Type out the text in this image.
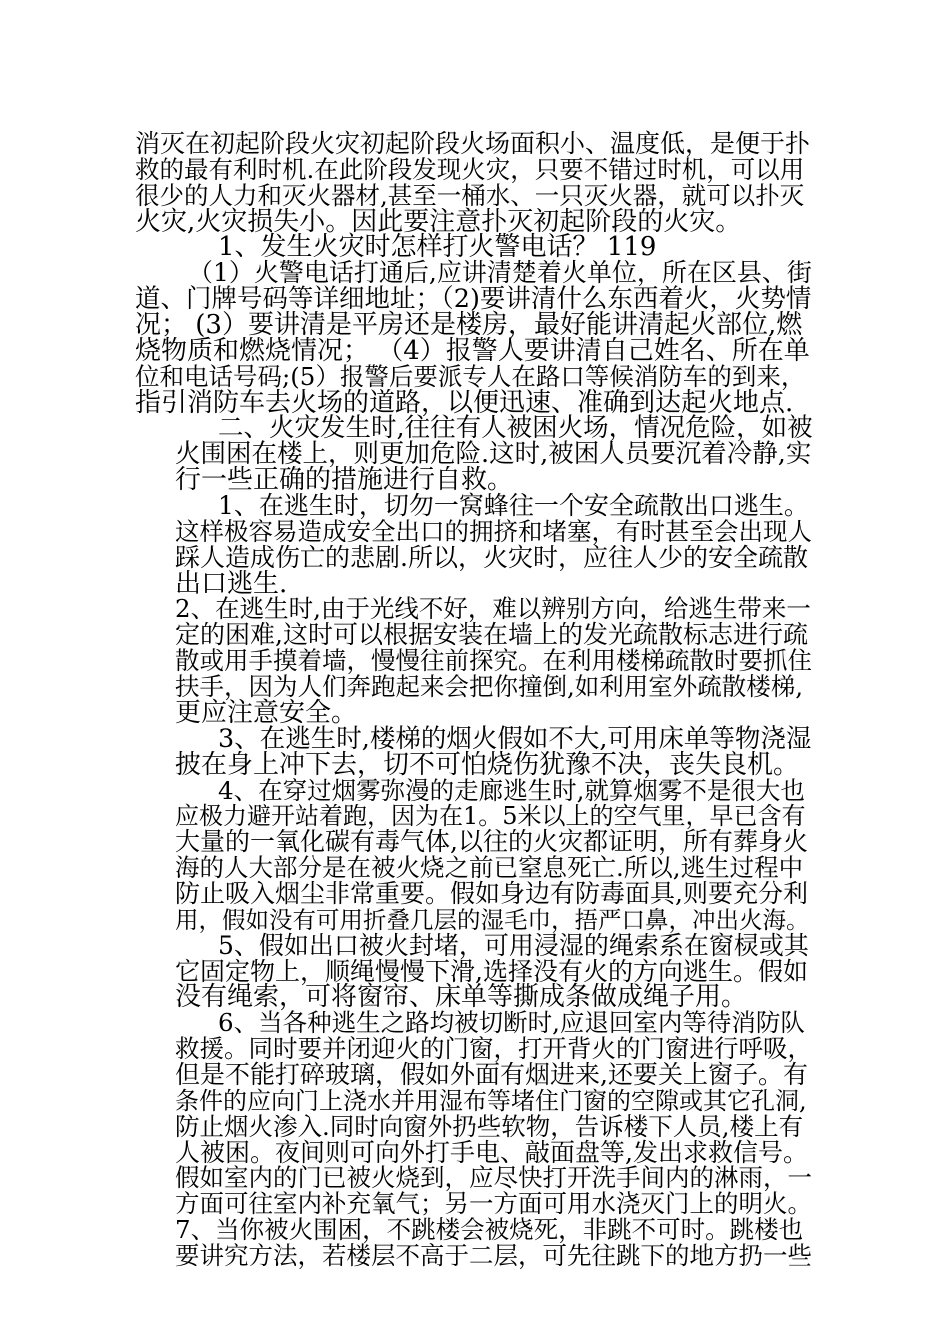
消灭在初起阶段火灾初起阶段火场面积小、温度低，是便于扑
救的最有利时机.在此阶段发现火灾，只要不错过时机，可以用
很少的人力和灭火器材,甚至一桶水、一只灭火器，就可以扑灭
火灾,火灾损失小。因此要注意扑灭初起阶段的火灾。
1、发生火灾时怎样打火警电话？ 119
（1）火警电话打通后,应讲清楚着火单位，所在区县、街
道、门牌号码等详细地址；（2)要讲清什么东西着火，火势情
况； (3）要讲清是平房还是楼房，最好能讲清起火部位,燃
烧物质和燃烧情况； （4）报警人要讲清自己姓名、所在单
位和电话号码;(5）报警后要派专人在路口等候消防车的到来，
指引消防车去火场的道路，以便迅速、准确到达起火地点.
二、火灾发生时,往往有人被困火场，情况危险，如被
火围困在楼上，则更加危险.这时,被困人员要沉着冷静,实
行一些正确的措施进行自救。
1、在逃生时，切勿一窝蜂往一个安全疏散出口逃生。
这样极容易造成安全出口的拥挤和堵塞，有时甚至会出现人
踩人造成伤亡的悲剧.所以，火灾时，应往人少的安全疏散
出口逃生.
2、在逃生时,由于光线不好，难以辨别方向，给逃生带来一
定的困难,这时可以根据安装在墙上的发光疏散标志进行疏
散或用手摸着墙，慢慢往前探究。在利用楼梯疏散时要抓住
扶手，因为人们奔跑起来会把你撞倒,如利用室外疏散楼梯,
更应注意安全。
3、在逃生时,楼梯的烟火假如不大,可用床单等物浇湿
披在身上冲下去，切不可怕烧伤犹豫不决，丧失良机。
4、在穿过烟雾弥漫的走廊逃生时,就算烟雾不是很大也
应极力避开站着跑，因为在1。5米以上的空气里，早已含有
大量的一氧化碳有毒气体,以往的火灾都证明，所有葬身火
海的人大部分是在被火烧之前已窒息死亡.所以,逃生过程中
防止吸入烟尘非常重要。假如身边有防毒面具,则要充分利
用，假如没有可用折叠几层的湿毛巾，捂严口鼻，冲出火海。
5、假如出口被火封堵，可用浸湿的绳索系在窗棂或其
它固定物上，顺绳慢慢下滑,选择没有火的方向逃生。假如
没有绳索，可将窗帘、床单等撕成条做成绳子用。
6、当各种逃生之路均被切断时,应退回室内等待消防队
救援。同时要并闭迎火的门窗，打开背火的门窗进行呼吸，
但是不能打碎玻璃，假如外面有烟进来,还要关上窗子。有
条件的应向门上浇水并用湿布等堵住门窗的空隙或其它孔洞,
防止烟火渗入.同时向窗外扔些软物，告诉楼下人员,楼上有
人被困。夜间则可向外打手电、敲面盘等,发出求救信号。
假如室内的门已被火烧到，应尽快打开洗手间内的淋雨，一
方面可往室内补充氧气；另一方面可用水浇灭门上的明火。
7、当你被火围困，不跳楼会被烧死，非跳不可时。跳楼也
要讲究方法，若楼层不高于二层，可先往跳下的地方扔一些
